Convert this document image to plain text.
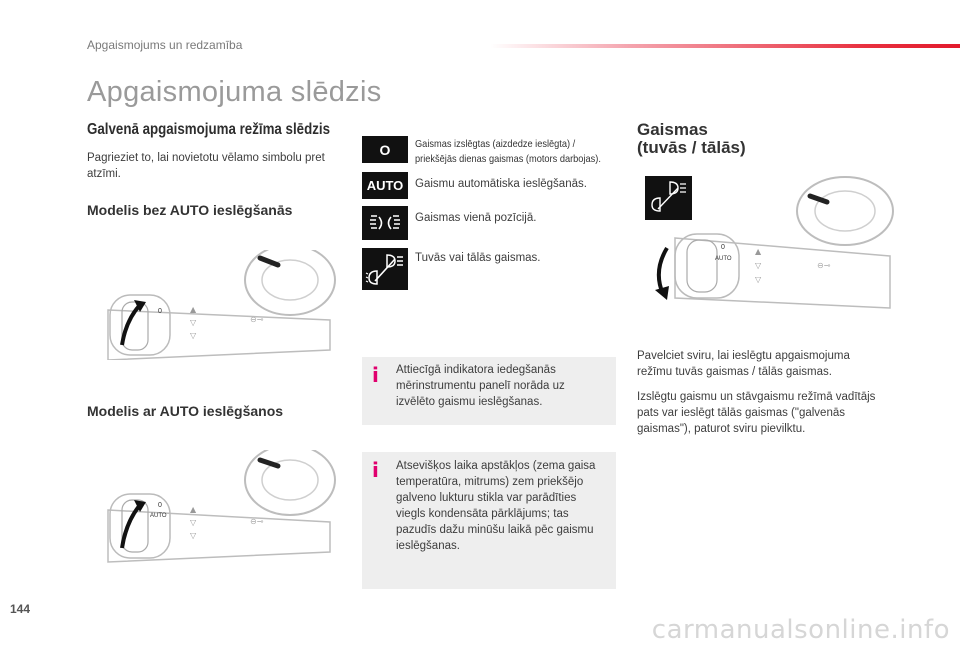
Apgaismojums un redzamība
Apgaismojuma slēdzis
Galvenā apgaismojuma režīma slēdzis
Pagrieziet to, lai novietotu vēlamo simbolu pret atzīmi.
Modelis bez AUTO ieslēgšanās
0	▲
▽
▽
⊖⊸
Modelis ar AUTO ieslēgšanos
0
AUTO
▲
▽
▽
⊖⊸
O Gaismas izslēgtas (aizdedze ieslēgta) /
priekšējās dienas gaismas (motors darbojas).
AUTO Gaismu automātiska ieslēgšanās.
Gaismas vienā pozīcijā.
Tuvās vai tālās gaismas.
i Attiecīgā indikatora iedegšanās
mērinstrumentu panelī norāda uz
izvēlēto gaismu ieslēgšanas.
i Atsevišķos laika apstākļos (zema gaisa
temperatūra, mitrums) zem priekšējo
galveno lukturu stikla var parādīties
viegls kondensāta pārklājums; tas
pazudīs dažu minūšu laikā pēc gaismu
ieslēgšanas.
Gaismas
(tuvās / tālās)
0
AUTO
▲
▽
▽
⊖⊸
Pavelciet sviru, lai ieslēgtu apgaismojuma
režīmu tuvās gaismas / tālās gaismas.
Izslēgtu gaismu un stāvgaismu režīmā vadītājs
pats var ieslēgt tālās gaismas ("galvenās
gaismas"), paturot sviru pievilktu.
144
carmanualsonline.info
